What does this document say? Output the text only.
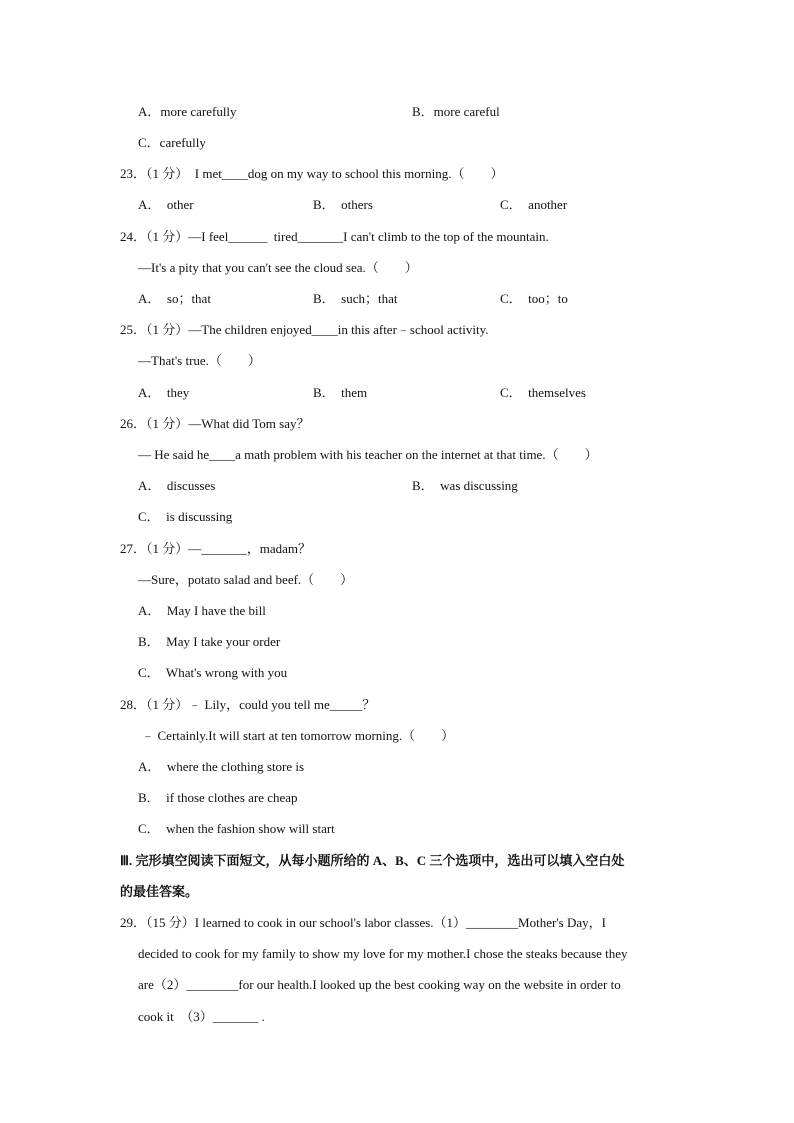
A．more carefully	B．more careful
C．carefully
23．（1 分）  I met____dog on my way to school this morning.（        ）
A．  other	B．  others	C．  another
24．（1 分）—I feel______  tired_______I can't climb to the top of the mountain.
—It's a pity that you can't see the cloud sea.（        ）
A．  so；that	B．  such；that	C．  too；to
25．（1 分）—The children enjoyed____in this after﹣school activity.
—That's true.（        ）
A．  they	B．  them	C．  themselves
26．（1 分）—What did Tom say？
— He said he____a math problem with his teacher on the internet at that time.（        ）
A．  discusses	B．  was discussing
C．  is discussing
27．（1 分）—_______，madam？
—Sure，potato salad and beef.（        ）
A．  May I have the bill
B．  May I take your order
C．  What's wrong with you
28．（1 分）﹣ Lily，could you tell me_____？
﹣ Certainly.It will start at ten tomorrow morning.（        ）
A．  where the clothing store is
B．  if those clothes are cheap
C．  when the fashion show will start
Ⅲ. 完形填空阅读下面短文，从每小题所给的 A、B、C 三个选项中，选出可以填入空白处
的最佳答案。
29．（15 分）I learned to cook in our school's labor classes.（1）________Mother's Day，I
decided to cook for my family to show my love for my mother.I chose the steaks because they
are（2）________for our health.I looked up the best cooking way on the website in order to
cook it  （3）_______ .
